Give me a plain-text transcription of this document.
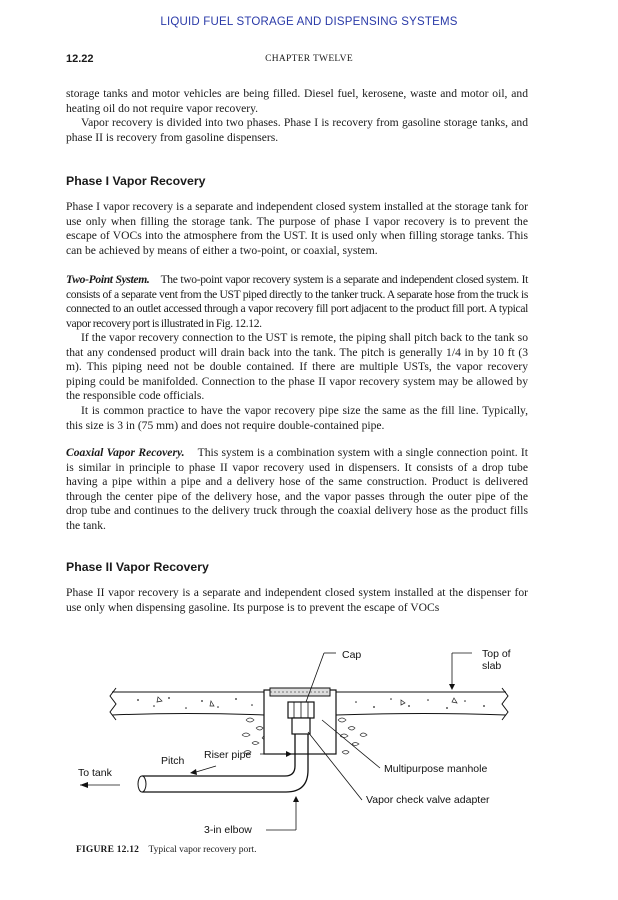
LIQUID FUEL STORAGE AND DISPENSING SYSTEMS
12.22	CHAPTER TWELVE

storage tanks and motor vehicles are being filled. Diesel fuel, kerosene, waste and motor oil, and heating oil do not require vapor recovery.

Vapor recovery is divided into two phases. Phase I is recovery from gasoline storage tanks, and phase II is recovery from gasoline dispensers.

Phase I Vapor Recovery

Phase I vapor recovery is a separate and independent closed system installed at the storage tank for use only when filling the storage tank. The purpose of phase I vapor recovery is to prevent the escape of VOCs into the atmosphere from the UST. It is used only when filling storage tanks. This can be achieved by means of either a two-point, or coaxial, system.

Two-Point System. The two-point vapor recovery system is a separate and independent closed system. It consists of a separate vent from the UST piped directly to the tanker truck. A separate hose from the truck is connected to an outlet accessed through a vapor recovery fill port adjacent to the product fill port. A typical vapor recovery port is illustrated in Fig. 12.12.

If the vapor recovery connection to the UST is remote, the piping shall pitch back to the tank so that any condensed product will drain back into the tank. The pitch is generally 1/4 in by 10 ft (3 m). This piping need not be double contained. If there are multiple USTs, the vapor recovery piping could be manifolded. Connection to the phase II vapor recovery system may be allowed by the responsible code officials.

It is common practice to have the vapor recovery pipe size the same as the fill line. Typically, this size is 3 in (75 mm) and does not require double-contained pipe.

Coaxial Vapor Recovery. This system is a combination system with a single connection point. It is similar in principle to phase II vapor recovery used in dispensers. It consists of a drop tube having a pipe within a pipe and a delivery hose of the same construction. Product is delivered through the center pipe of the delivery hose, and the vapor passes through the outer pipe of the drop tube and continues to the delivery truck through the coaxial delivery hose as the product fills the tank.

Phase II Vapor Recovery

Phase II vapor recovery is a separate and independent closed system installed at the dispenser for use only when dispensing gasoline. Its purpose is to prevent the escape of VOCs

Cap	Top of
slab
Riser pipe
Pitch
To tank	Multipurpose manhole
Vapor check valve adapter
3-in elbow
FIGURE 12.12 Typical vapor recovery port.
